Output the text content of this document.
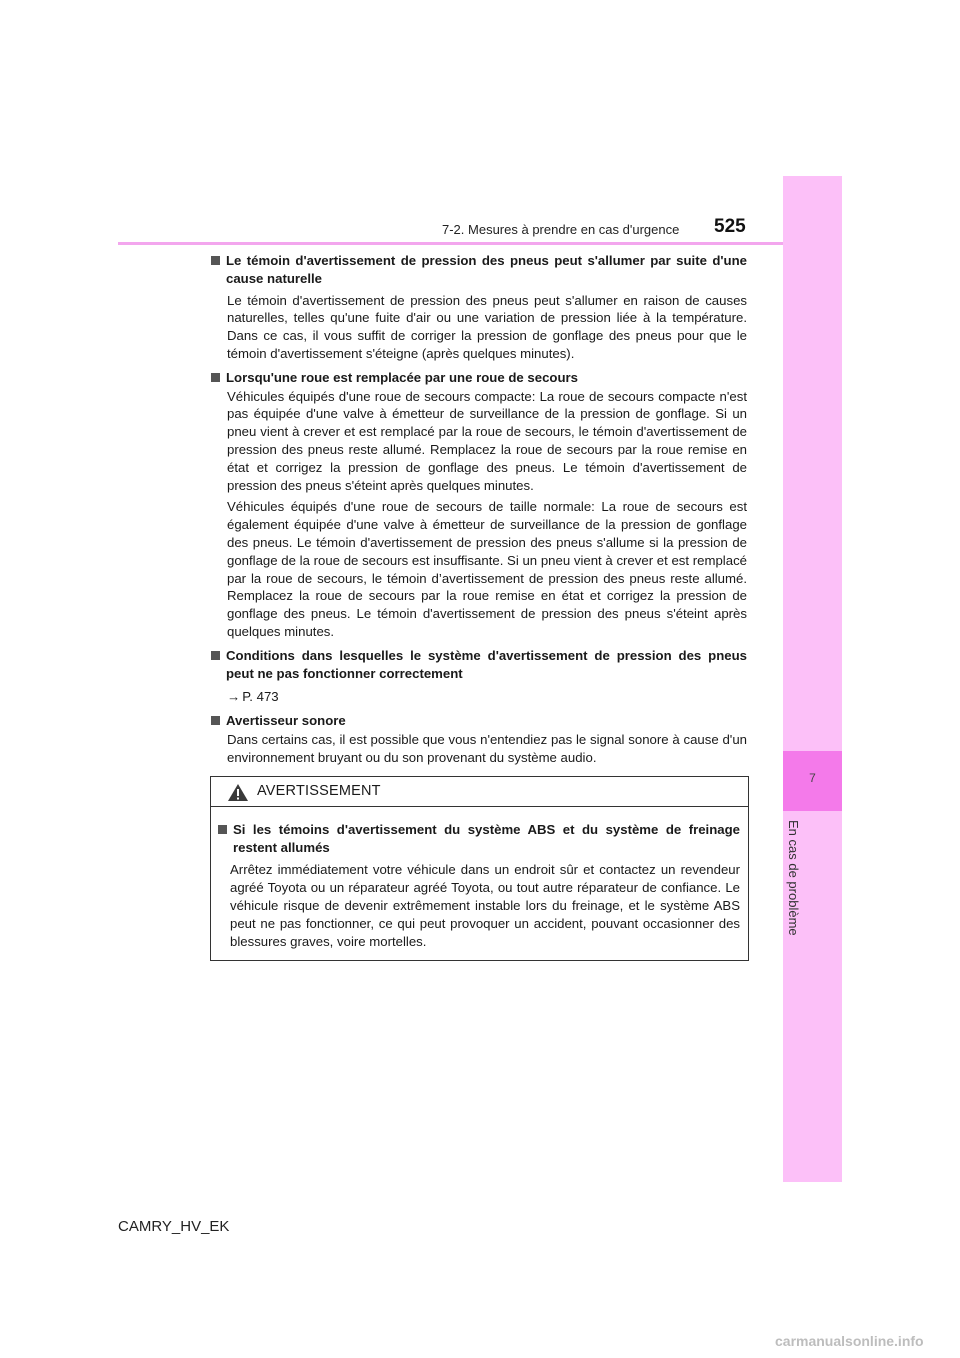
7-2. Mesures à prendre en cas d'urgence 525
7
En cas de problème
Le témoin d'avertissement de pression des pneus peut s'allumer par suite d'une cause naturelle
Le témoin d'avertissement de pression des pneus peut s'allumer en raison de causes naturelles, telles qu'une fuite d'air ou une variation de pression liée à la température. Dans ce cas, il vous suffit de corriger la pression de gonflage des pneus pour que le témoin d'avertissement s'éteigne (après quelques minutes).
Lorsqu'une roue est remplacée par une roue de secours
Véhicules équipés d'une roue de secours compacte: La roue de secours compacte n'est pas équipée d'une valve à émetteur de surveillance de la pression de gonflage. Si un pneu vient à crever et est remplacé par la roue de secours, le témoin d'avertissement de pression des pneus reste allumé. Remplacez la roue de secours par la roue remise en état et corrigez la pression de gonflage des pneus. Le témoin d'avertissement de pression des pneus s'éteint après quelques minutes.
Véhicules équipés d'une roue de secours de taille normale: La roue de secours est également équipée d'une valve à émetteur de surveillance de la pression de gonflage des pneus. Le témoin d'avertissement de pression des pneus s'allume si la pression de gonflage de la roue de secours est insuffisante. Si un pneu vient à crever et est remplacé par la roue de secours, le témoin d’avertissement de pression des pneus reste allumé. Remplacez la roue de secours par la roue remise en état et corrigez la pression de gonflage des pneus. Le témoin d'avertissement de pression des pneus s'éteint après quelques minutes.
Conditions dans lesquelles le système d'avertissement de pression des pneus peut ne pas fonctionner correctement
→ P. 473
Avertisseur sonore
Dans certains cas, il est possible que vous n'entendiez pas le signal sonore à cause d'un environnement bruyant ou du son provenant du système audio.
AVERTISSEMENT
Si les témoins d'avertissement du système ABS et du système de freinage restent allumés
Arrêtez immédiatement votre véhicule dans un endroit sûr et contactez un revendeur agréé Toyota ou un réparateur agréé Toyota, ou tout autre réparateur de confiance. Le véhicule risque de devenir extrêmement instable lors du freinage, et le système ABS peut ne pas fonctionner, ce qui peut provoquer un accident, pouvant occasionner des blessures graves, voire mortelles.
CAMRY_HV_EK
carmanualsonline.info
